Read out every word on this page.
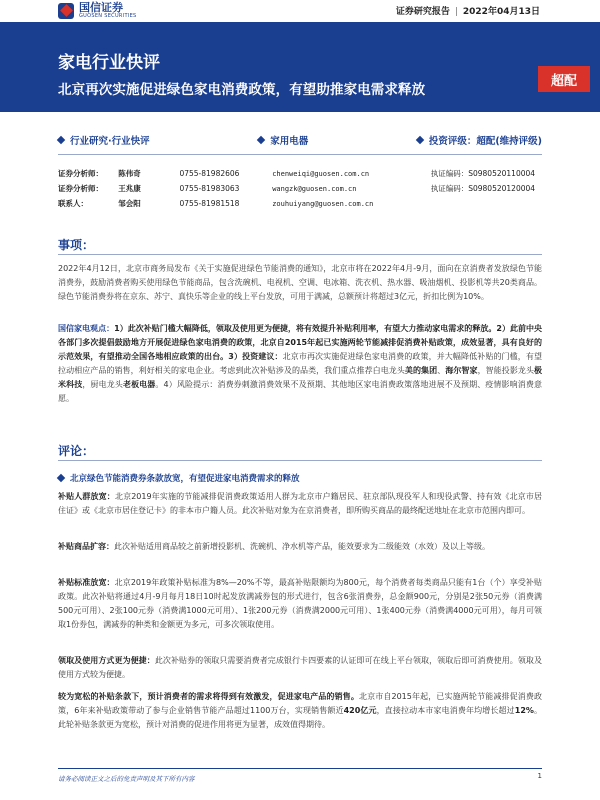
国信证券
GUOSEN SECURITIES	证券研究报告 | 2022年04月13日
家电行业快评
北京再次实施促进绿色家电消费政策，有望助推家电需求释放
超配
行业研究·行业快评	家用电器	投资评级：超配(维持评级)
证券分析师：	陈伟奇	0755-81982606	chenweiqi@guosen.com.cn	执证编码：S0980520110004
证券分析师：	王兆康	0755-81983063	wangzk@guosen.com.cn	执证编码：S0980520120004
联系人：	邹会阳	0755-81981518	zouhuiyang@guosen.com.cn
事项：
2022年4月12日，北京市商务局发布《关于实施促进绿色节能消费的通知》，北京市将在2022年4月-9月，面向在京消费者发放绿色节能消费券，鼓励消费者购买使用绿色节能商品，包含洗碗机、电视机、空调、电冰箱、洗衣机、热水器、吸油烟机、投影机等共20类商品。绿色节能消费券将在京东、苏宁、真快乐等企业的线上平台发放，可用于满减，总额预计将超过3亿元，折扣比例为10%。
国信家电观点：1）此次补贴门槛大幅降低，领取及使用更为便捷，将有效提升补贴利用率，有望大力推动家电需求的释放。2）此前中央各部门多次提倡鼓励地方开展促进绿色家电消费的政策，北京自2015年起已实施两轮节能减排促消费补贴政策，成效显著，具有良好的示范效果，有望推动全国各地相应政策的出台。3）投资建议：北京市再次实施促进绿色家电消费的政策，并大幅降低补贴的门槛，有望拉动相应产品的销售，利好相关的家电企业。考虑到此次补贴涉及的品类，我们重点推荐白电龙头美的集团、海尔智家，智能投影龙头极米科技，厨电龙头老板电器。4）风险提示：消费券刺激消费效果不及预期、其他地区家电消费政策落地进展不及预期、疫情影响消费意愿。
评论：
北京绿色节能消费券条款放宽，有望促进家电消费需求的释放
补贴人群放宽：北京2019年实施的节能减排促消费政策适用人群为北京市户籍居民、驻京部队现役军人和现役武警、持有效《北京市居住证》或《北京市居住登记卡》的非本市户籍人员。此次补贴对象为在京消费者，即所购买商品的最终配送地址在北京市范围内即可。
补贴商品扩容：此次补贴适用商品较之前新增投影机、洗碗机、净水机等产品，能效要求为二级能效（水效）及以上等级。
补贴标准放宽：北京2019年政策补贴标准为8%—20%不等，最高补贴限额均为800元，每个消费者每类商品只能有1台（个）享受补贴政策。此次补贴将通过4月-9月每月18日10时起发放满减券包的形式进行，包含6张消费券，总金额900元，分别是2张50元券（消费满500元可用）、2张100元券（消费满1000元可用）、1张200元券（消费满2000元可用）、1张400元券（消费满4000元可用），每月可领取1份券包，满减券的种类和金额更为多元，可多次领取使用。
领取及使用方式更为便捷：此次补贴券的领取只需要消费者完成银行卡四要素的认证即可在线上平台领取，领取后即可消费使用。领取及使用方式较为便捷。
较为宽松的补贴条款下，预计消费者的需求将得到有效激发，促进家电产品的销售。北京市自2015年起，已实施两轮节能减排促消费政策，6年来补贴政策带动了参与企业销售节能产品超过1100万台，实现销售额近420亿元，直接拉动本市家电消费年均增长超过12%。此轮补贴条款更为宽松，预计对消费的促进作用将更为显著，成效值得期待。
请务必阅读正文之后的免责声明及其下所有内容	1
